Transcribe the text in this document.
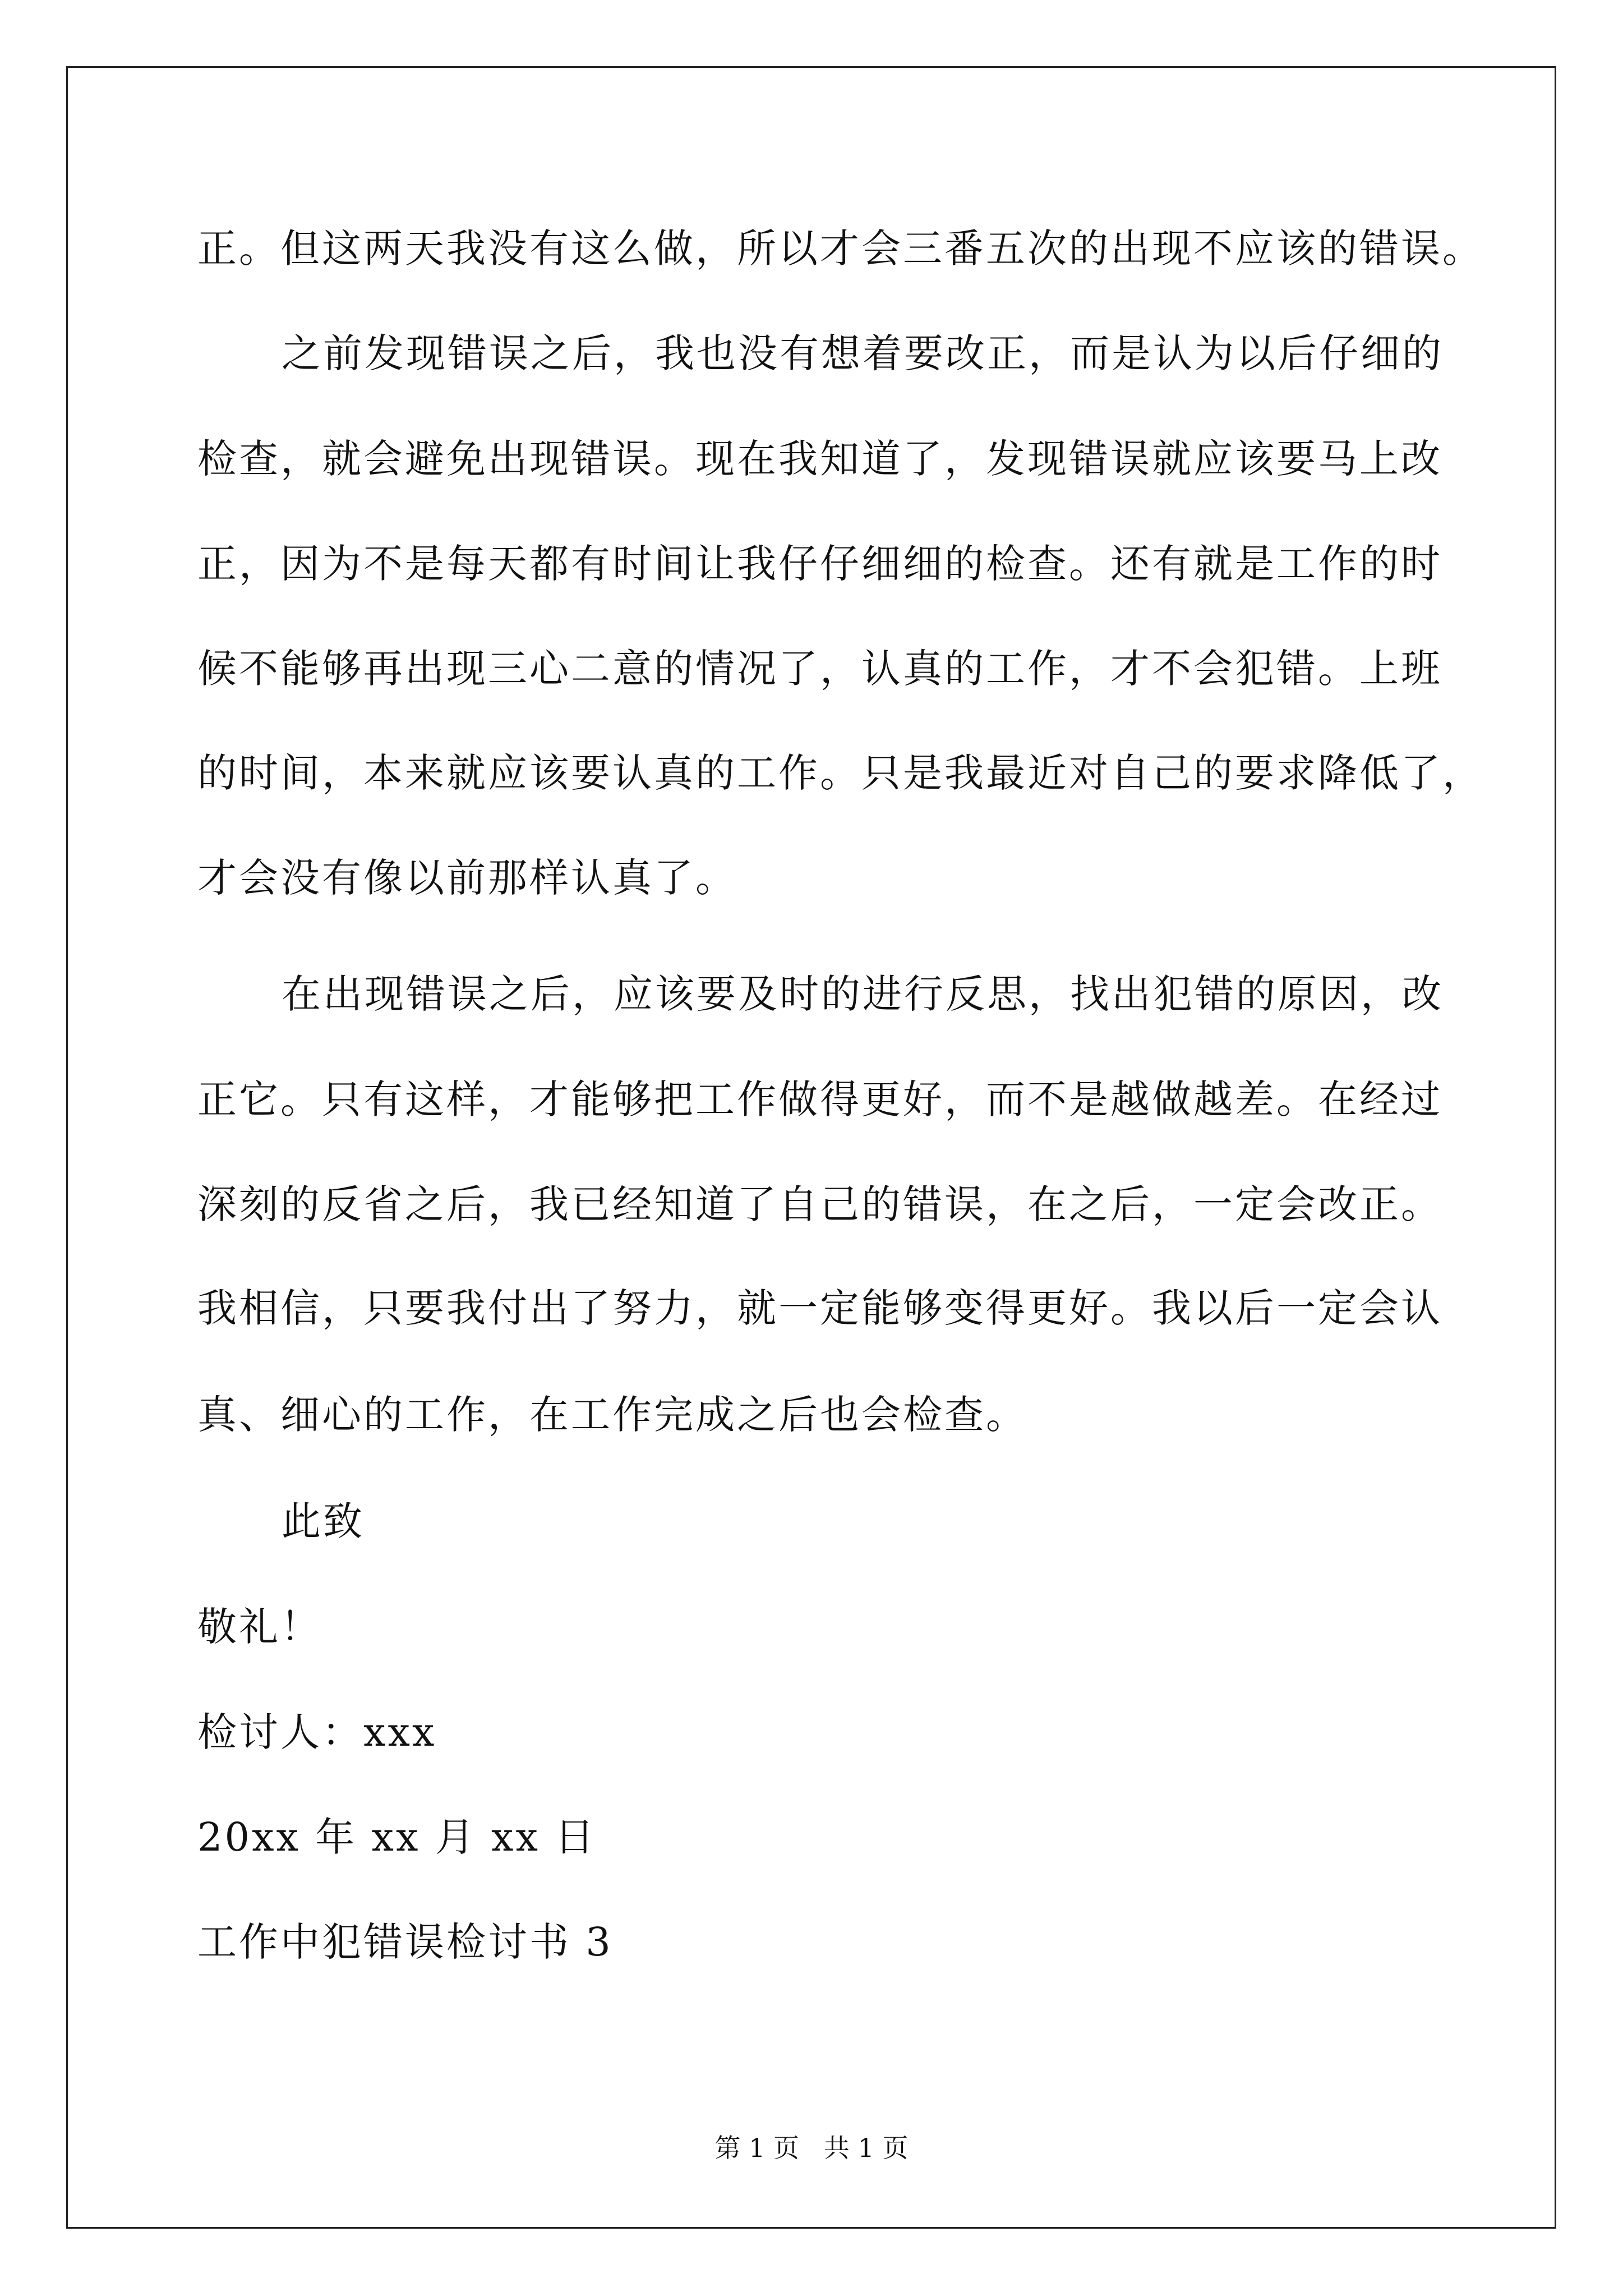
正。但这两天我没有这么做，所以才会三番五次的出现不应该的错误。

之前发现错误之后，我也没有想着要改正，而是认为以后仔细的

检查，就会避免出现错误。现在我知道了，发现错误就应该要马上改

正，因为不是每天都有时间让我仔仔细细的检查。还有就是工作的时

候不能够再出现三心二意的情况了，认真的工作，才不会犯错。上班

的时间，本来就应该要认真的工作。只是我最近对自己的要求降低了，

才会没有像以前那样认真了。

在出现错误之后，应该要及时的进行反思，找出犯错的原因，改

正它。只有这样，才能够把工作做得更好，而不是越做越差。在经过

深刻的反省之后，我已经知道了自己的错误，在之后，一定会改正。

我相信，只要我付出了努力，就一定能够变得更好。我以后一定会认

真、细心的工作，在工作完成之后也会检查。

此致

敬礼！

检讨人：xxx

20xx 年 xx 月 xx 日

工作中犯错误检讨书 3

第 1 页   共 1 页
